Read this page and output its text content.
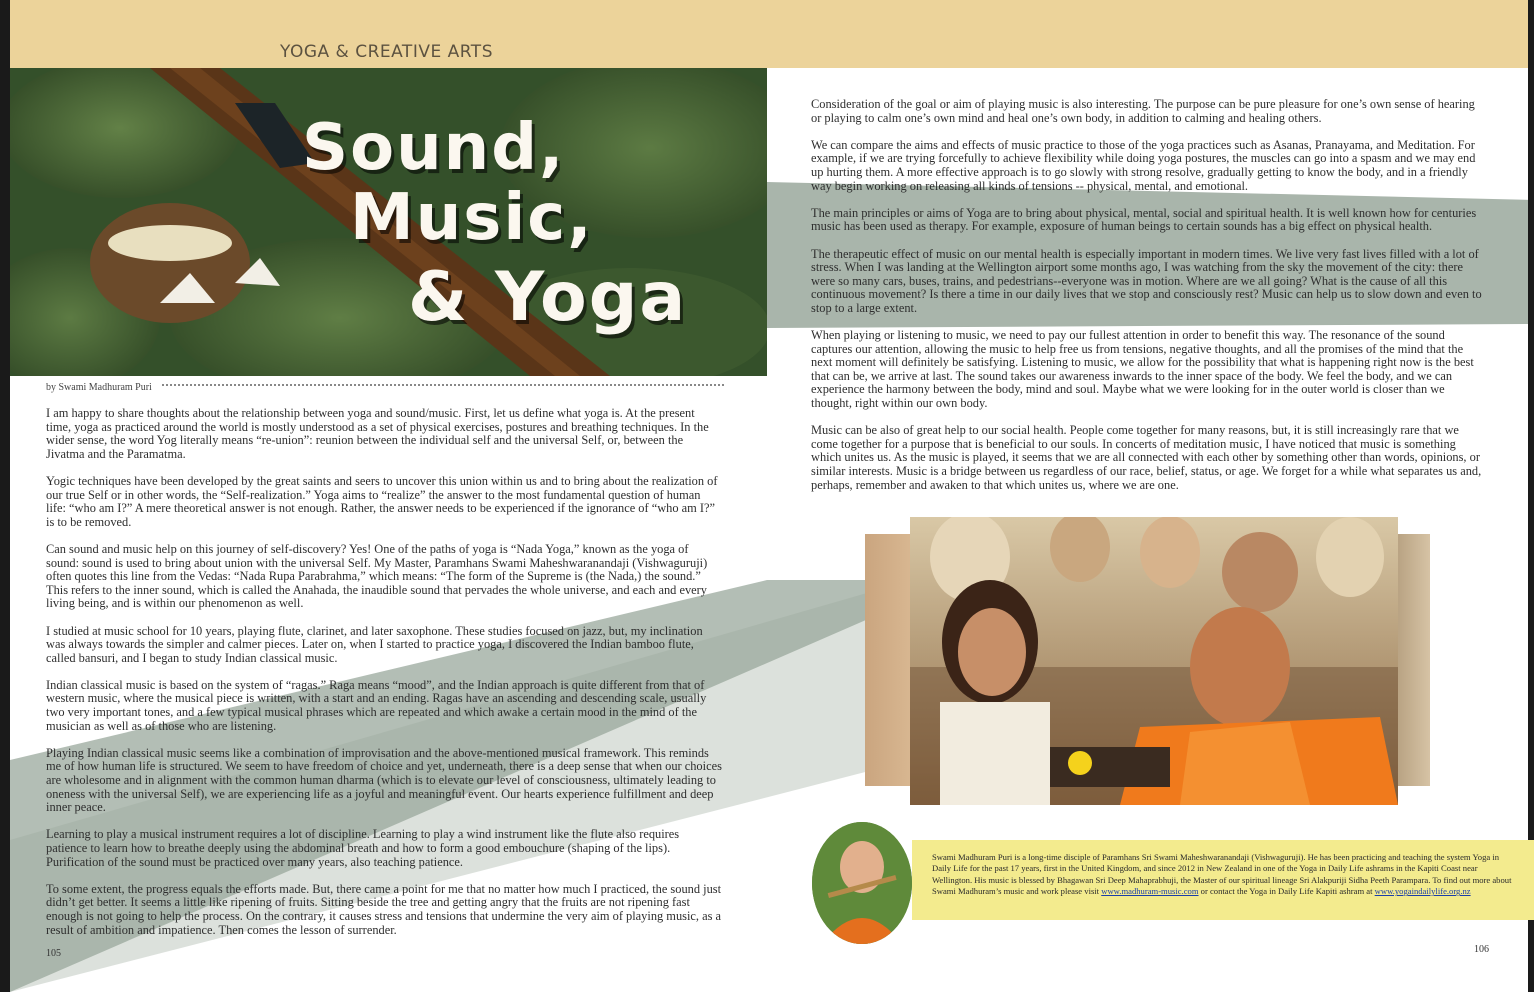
YOGA & CREATIVE ARTS
Sound,
Music,
& Yoga
by Swami Madhuram Puri

I am happy to share thoughts about the relationship between yoga and sound/music. First, let us define what yoga is. At the present time, yoga as practiced around the world is mostly understood as a set of physical exercises, postures and breathing techniques. In the wider sense, the word Yog literally means “re-union”: reunion between the individual self and the universal Self, or, between the Jivatma and the Paramatma.

Yogic techniques have been developed by the great saints and seers to uncover this union within us and to bring about the realization of our true Self or in other words, the “Self-realization.” Yoga aims to “realize” the answer to the most fundamental question of human life: “who am I?” A mere theoretical answer is not enough. Rather, the answer needs to be experienced if the ignorance of “who am I?” is to be removed.

Can sound and music help on this journey of self-discovery? Yes! One of the paths of yoga is “Nada Yoga,” known as the yoga of sound: sound is used to bring about union with the universal Self. My Master, Paramhans Swami Maheshwaranandaji (Vishwaguruji) often quotes this line from the Vedas: “Nada Rupa Parabrahma,” which means: “The form of the Supreme is (the Nada,) the sound.” This refers to the inner sound, which is called the Anahada, the inaudible sound that pervades the whole universe, and each and every living being, and is within our phenomenon as well.

I studied at music school for 10 years, playing flute, clarinet, and later saxophone. These studies focused on jazz, but, my inclination was always towards the simpler and calmer pieces. Later on, when I started to practice yoga, I discovered the Indian bamboo flute, called bansuri, and I began to study Indian classical music.

Indian classical music is based on the system of “ragas.” Raga means “mood”, and the Indian approach is quite different from that of western music, where the musical piece is written, with a start and an ending. Ragas have an ascending and descending scale, usually two very important tones, and a few typical musical phrases which are repeated and which awake a certain mood in the mind of the musician as well as of those who are listening.

Playing Indian classical music seems like a combination of improvisation and the above-mentioned musical framework. This reminds me of how human life is structured. We seem to have freedom of choice and yet, underneath, there is a deep sense that when our choices are wholesome and in alignment with the common human dharma (which is to elevate our level of consciousness, ultimately leading to oneness with the universal Self), we are experiencing life as a joyful and meaningful event. Our hearts experience fulfillment and deep inner peace.

Learning to play a musical instrument requires a lot of discipline. Learning to play a wind instrument like the flute also requires patience to learn how to breathe deeply using the abdominal breath and how to form a good embouchure (shaping of the lips). Purification of the sound must be practiced over many years, also teaching patience.

To some extent, the progress equals the efforts made. But, there came a point for me that no matter how much I practiced, the sound just didn’t get better. It seems a little like ripening of fruits. Sitting beside the tree and getting angry that the fruits are not ripening fast enough is not going to help the process. On the contrary, it causes stress and tensions that undermine the very aim of playing music, as a result of ambition and impatience. Then comes the lesson of surrender.

105

Consideration of the goal or aim of playing music is also interesting. The purpose can be pure pleasure for one’s own sense of hearing or playing to calm one’s own mind and heal one’s own body, in addition to calming and healing others.

We can compare the aims and effects of music practice to those of the yoga practices such as Asanas, Pranayama, and Meditation. For example, if we are trying forcefully to achieve flexibility while doing yoga postures, the muscles can go into a spasm and we may end up hurting them. A more effective approach is to go slowly with strong resolve, gradually getting to know the body, and in a friendly way begin working on releasing all kinds of tensions -- physical, mental, and emotional.

The main principles or aims of Yoga are to bring about physical, mental, social and spiritual health. It is well known how for centuries music has been used as therapy. For example, exposure of human beings to certain sounds has a big effect on physical health.

The therapeutic effect of music on our mental health is especially important in modern times. We live very fast lives filled with a lot of stress. When I was landing at the Wellington airport some months ago, I was watching from the sky the movement of the city: there were so many cars, buses, trains, and pedestrians--everyone was in motion. Where are we all going? What is the cause of all this continuous movement? Is there a time in our daily lives that we stop and consciously rest? Music can help us to slow down and even to stop to a large extent.

When playing or listening to music, we need to pay our fullest attention in order to benefit this way. The resonance of the sound captures our attention, allowing the music to help free us from tensions, negative thoughts, and all the promises of the mind that the next moment will definitely be satisfying. Listening to music, we allow for the possibility that what is happening right now is the best that can be, we arrive at last. The sound takes our awareness inwards to the inner space of the body. We feel the body, and we can experience the harmony between the body, mind and soul. Maybe what we were looking for in the outer world is closer than we thought, right within our own body.

Music can be also of great help to our social health. People come together for many reasons, but, it is still increasingly rare that we come together for a purpose that is beneficial to our souls. In concerts of meditation music, I have noticed that music is something which unites us. As the music is played, it seems that we are all connected with each other by something other than words, opinions, or similar interests. Music is a bridge between us regardless of our race, belief, status, or age. We forget for a while what separates us and, perhaps, remember and awaken to that which unites us, where we are one.

Swami Madhuram Puri is a long-time disciple of Paramhans Sri Swami Maheshwaranandaji (Vishwaguruji). He has been practicing and teaching the system Yoga in Daily Life for the past 17 years, first in the United Kingdom, and since 2012 in New Zealand in one of the Yoga in Daily Life ashrams in the Kapiti Coast near Wellington. His music is blessed by Bhagawan Sri Deep Mahaprabhuji, the Master of our spiritual lineage Sri Alakpuriji Sidha Peeth Parampara. To find out more about Swami Madhuram’s music and work please visit www.madhuram-music.com or contact the Yoga in Daily Life Kapiti ashram at www.yogaindailylife.org.nz
106
